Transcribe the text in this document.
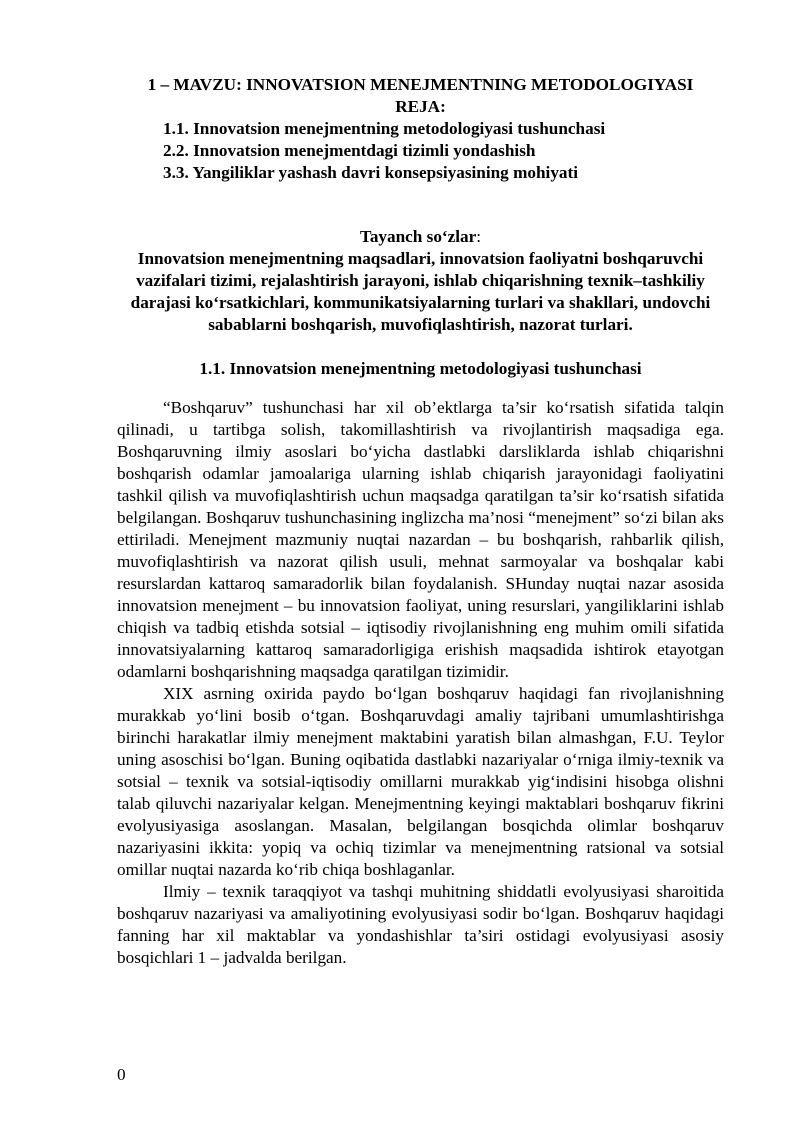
1 – MAVZU: INNOVATSION MENEJMENTNING METODOLOGIYASI

REJA:

1.1. Innovatsion menejmentning metodologiyasi tushunchasi

2.2. Innovatsion menejmentdagi tizimli yondashish

3.3. Yangiliklar yashash davri konsepsiyasining mohiyati

Tayanch so‘zlar:

Innovatsion menejmentning maqsadlari, innovatsion faoliyatni boshqaruvchi vazifalari tizimi, rejalashtirish jarayoni, ishlab chiqarishning texnik–tashkiliy darajasi ko‘rsatkichlari, kommunikatsiyalarning turlari va shakllari, undovchi sabablarni boshqarish, muvofiqlashtirish, nazorat turlari.

1.1. Innovatsion menejmentning metodologiyasi tushunchasi

“Boshqaruv” tushunchasi har xil ob’ektlarga ta’sir ko‘rsatish sifatida talqin qilinadi, u tartibga solish, takomillashtirish va rivojlantirish maqsadiga ega. Boshqaruvning ilmiy asoslari bo‘yicha dastlabki darsliklarda ishlab chiqarishni boshqarish odamlar jamoalariga ularning ishlab chiqarish jarayonidagi faoliyatini tashkil qilish va muvofiqlashtirish uchun maqsadga qaratilgan ta’sir ko‘rsatish sifatida belgilangan. Boshqaruv tushunchasining inglizcha ma’nosi “menejment” so‘zi bilan aks ettiriladi. Menejment mazmuniy nuqtai nazardan – bu boshqarish, rahbarlik qilish, muvofiqlashtirish va nazorat qilish usuli, mehnat sarmoyalar va boshqalar kabi resurslardan kattaroq samaradorlik bilan foydalanish. SHunday nuqtai nazar asosida innovatsion menejment – bu innovatsion faoliyat, uning resurslari, yangiliklarini ishlab chiqish va tadbiq etishda sotsial – iqtisodiy rivojlanishning eng muhim omili sifatida innovatsiyalarning kattaroq samaradorligiga erishish maqsadida ishtirok etayotgan odamlarni boshqarishning maqsadga qaratilgan tizimidir.

XIX asrning oxirida paydo bo‘lgan boshqaruv haqidagi fan rivojlanishning murakkab yo‘lini bosib o‘tgan. Boshqaruvdagi amaliy tajribani umumlashtirishga birinchi harakatlar ilmiy menejment maktabini yaratish bilan almashgan, F.U. Teylor uning asoschisi bo‘lgan. Buning oqibatida dastlabki nazariyalar o‘rniga ilmiy-texnik va sotsial – texnik va sotsial-iqtisodiy omillarni murakkab yig‘indisini hisobga olishni talab qiluvchi nazariyalar kelgan. Menejmentning keyingi maktablari boshqaruv fikrini evolyusiyasiga asoslangan. Masalan, belgilangan bosqichda olimlar boshqaruv nazariyasini ikkita: yopiq va ochiq tizimlar va menejmentning ratsional va sotsial omillar nuqtai nazarda ko‘rib chiqa boshlaganlar.

Ilmiy – texnik taraqqiyot va tashqi muhitning shiddatli evolyusiyasi sharoitida boshqaruv nazariyasi va amaliyotining evolyusiyasi sodir bo‘lgan. Boshqaruv haqidagi fanning har xil maktablar va yondashishlar ta’siri ostidagi evolyusiyasi asosiy bosqichlari 1 – jadvalda berilgan.

0
